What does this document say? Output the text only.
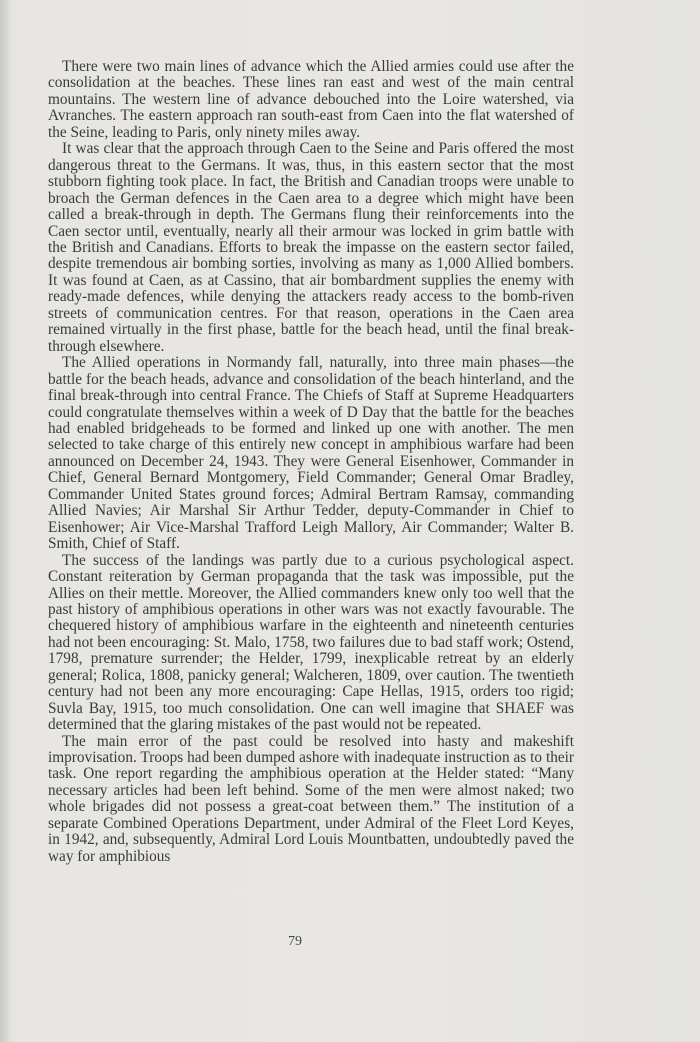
There were two main lines of advance which the Allied armies could use after the consolidation at the beaches. These lines ran east and west of the main central mountains. The western line of advance debouched into the Loire watershed, via Avranches. The eastern approach ran south-east from Caen into the flat watershed of the Seine, leading to Paris, only ninety miles away.

It was clear that the approach through Caen to the Seine and Paris offered the most dangerous threat to the Germans. It was, thus, in this eastern sector that the most stubborn fighting took place. In fact, the British and Canadian troops were unable to broach the German defences in the Caen area to a degree which might have been called a break-through in depth. The Germans flung their reinforcements into the Caen sector until, eventually, nearly all their armour was locked in grim battle with the British and Canadians. Efforts to break the impasse on the eastern sector failed, despite tremendous air bombing sorties, involving as many as 1,000 Allied bombers. It was found at Caen, as at Cassino, that air bombardment supplies the enemy with ready-made defences, while denying the attackers ready access to the bomb-riven streets of communication centres. For that reason, operations in the Caen area remained virtually in the first phase, battle for the beach head, until the final break-through elsewhere.

The Allied operations in Normandy fall, naturally, into three main phases—the battle for the beach heads, advance and consolidation of the beach hinterland, and the final break-through into central France. The Chiefs of Staff at Supreme Headquarters could congratulate themselves within a week of D Day that the battle for the beaches had enabled bridgeheads to be formed and linked up one with another. The men selected to take charge of this entirely new concept in amphibious warfare had been announced on December 24, 1943. They were General Eisenhower, Commander in Chief, General Bernard Montgomery, Field Commander; General Omar Bradley, Commander United States ground forces; Admiral Bertram Ramsay, commanding Allied Navies; Air Marshal Sir Arthur Tedder, deputy-Commander in Chief to Eisenhower; Air Vice-Marshal Trafford Leigh Mallory, Air Commander; Walter B. Smith, Chief of Staff.

The success of the landings was partly due to a curious psychological aspect. Constant reiteration by German propaganda that the task was impossible, put the Allies on their mettle. Moreover, the Allied commanders knew only too well that the past history of amphibious operations in other wars was not exactly favourable. The chequered history of amphibious warfare in the eighteenth and nineteenth centuries had not been encouraging: St. Malo, 1758, two failures due to bad staff work; Ostend, 1798, premature surrender; the Helder, 1799, inexplicable retreat by an elderly general; Rolica, 1808, panicky general; Walcheren, 1809, over caution. The twentieth century had not been any more encouraging: Cape Hellas, 1915, orders too rigid; Suvla Bay, 1915, too much consolidation. One can well imagine that SHAEF was determined that the glaring mistakes of the past would not be repeated.

The main error of the past could be resolved into hasty and makeshift improvisation. Troops had been dumped ashore with inadequate instruction as to their task. One report regarding the amphibious operation at the Helder stated: “Many necessary articles had been left behind. Some of the men were almost naked; two whole brigades did not possess a great-coat between them.” The institution of a separate Combined Operations Department, under Admiral of the Fleet Lord Keyes, in 1942, and, subsequently, Admiral Lord Louis Mountbatten, undoubtedly paved the way for amphibious

79
